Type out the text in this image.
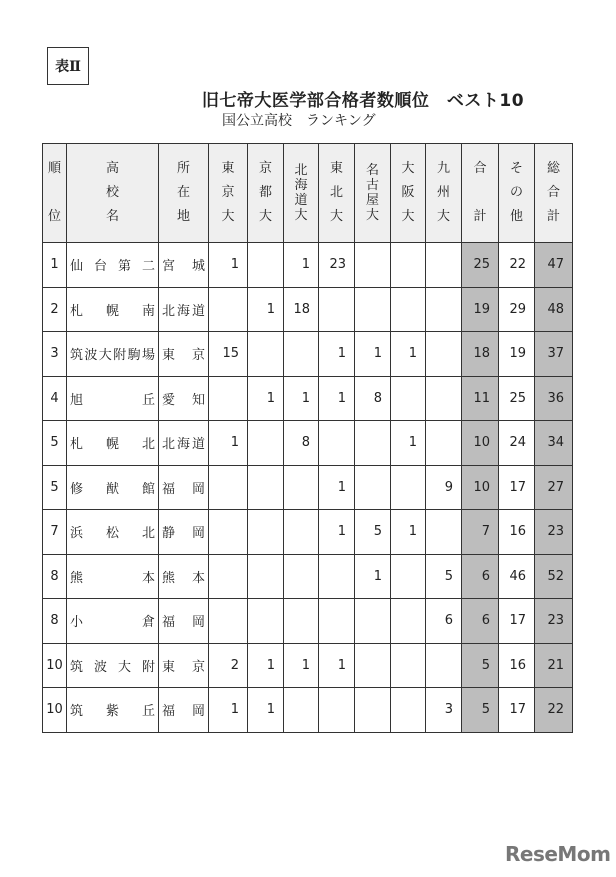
表Ⅱ
旧七帝大医学部合格者数順位　ベスト10
国公立高校　ランキング
順

位	高
校
名	所
在
地	東
京
大	京
都
大	北
海
道
大	東
北
大	名
古
屋
大	大
阪
大	九
州
大	合

計	そ
の
他	総
合
計
1	仙台第二	宮城	1		1	23				25	22	47
2	札幌南	北海道		1	18					19	29	48
3	筑波大附駒場	東京	15			1	1	1		18	19	37
4	旭丘	愛知		1	1	1	8			11	25	36
5	札幌北	北海道	1		8			1		10	24	34
5	修猷館	福岡				1			9	10	17	27
7	浜松北	静岡				1	5	1		7	16	23
8	熊本	熊本					1		5	6	46	52
8	小倉	福岡							6	6	17	23
10	筑波大附	東京	2	1	1	1				5	16	21
10	筑紫丘	福岡	1	1					3	5	17	22
ReseMom
